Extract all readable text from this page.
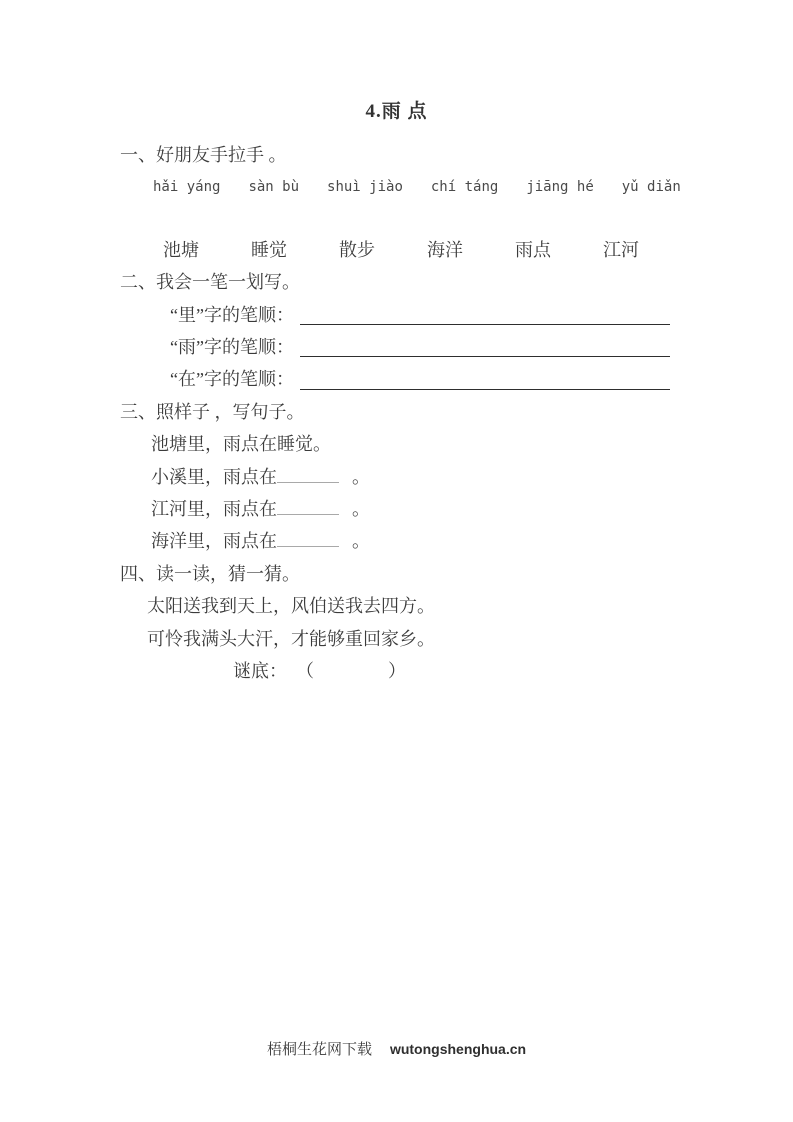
4.雨 点
一、好朋友手拉手 。
hǎi yáng sàn bù shuì jiào chí táng jiāng hé yǔ diǎn
池塘	睡觉	散步	海洋	雨点	江河
二、我会一笔一划写。
“里”字的笔顺：
“雨”字的笔顺：
“在”字的笔顺：
三、照样子 ，写句子。
池塘里，雨点在睡觉。
小溪里，雨点在	。
江河里，雨点在	。
海洋里，雨点在	。
四、读一读，猜一猜。
太阳送我到天上，风伯送我去四方。
可怜我满头大汗，才能够重回家乡。
谜底： （	）
梧桐生花网下载 wutongshenghua.cn
